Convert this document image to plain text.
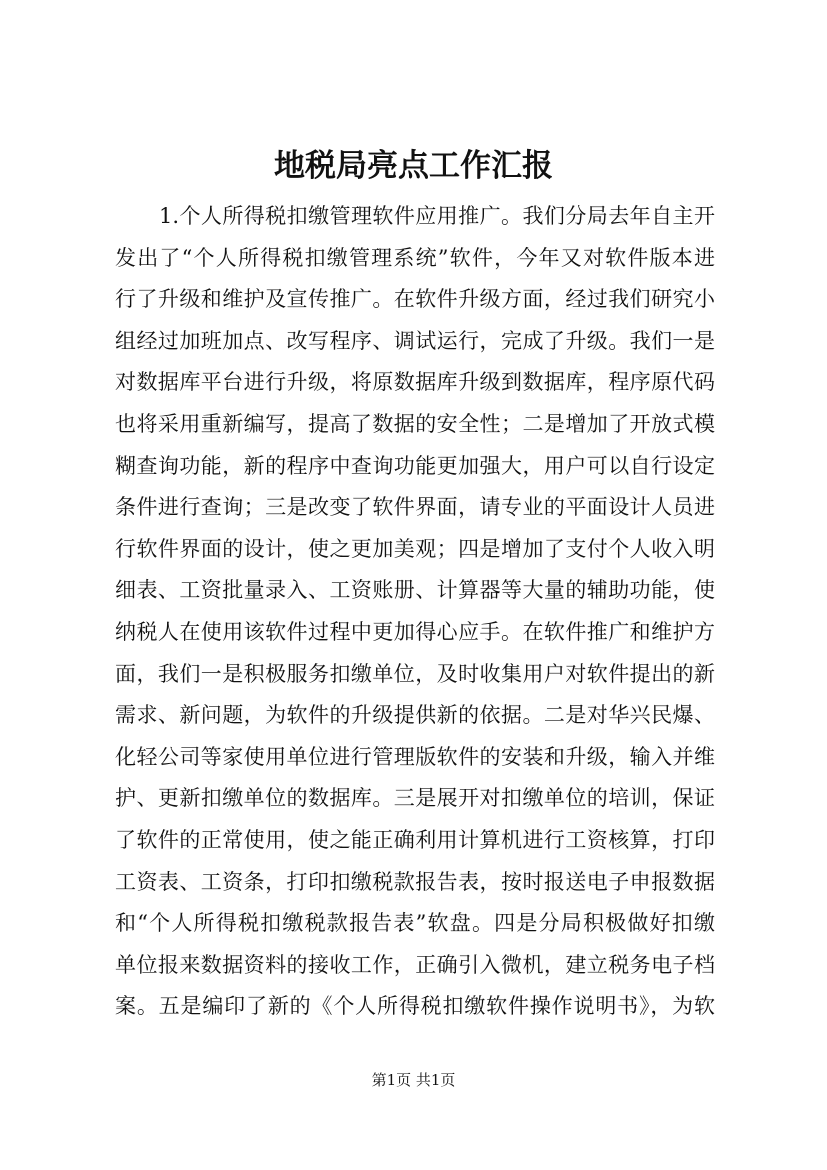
地税局亮点工作汇报
1.个人所得税扣缴管理软件应用推广。我们分局去年自主开
发出了“个人所得税扣缴管理系统”软件，今年又对软件版本进
行了升级和维护及宣传推广。在软件升级方面，经过我们研究小
组经过加班加点、改写程序、调试运行，完成了升级。我们一是
对数据库平台进行升级，将原数据库升级到数据库，程序原代码
也将采用重新编写，提高了数据的安全性；二是增加了开放式模
糊查询功能，新的程序中查询功能更加强大，用户可以自行设定
条件进行查询；三是改变了软件界面，请专业的平面设计人员进
行软件界面的设计，使之更加美观；四是增加了支付个人收入明
细表、工资批量录入、工资账册、计算器等大量的辅助功能，使
纳税人在使用该软件过程中更加得心应手。在软件推广和维护方
面，我们一是积极服务扣缴单位，及时收集用户对软件提出的新
需求、新问题，为软件的升级提供新的依据。二是对华兴民爆、
化轻公司等家使用单位进行管理版软件的安装和升级，输入并维
护、更新扣缴单位的数据库。三是展开对扣缴单位的培训，保证
了软件的正常使用，使之能正确利用计算机进行工资核算，打印
工资表、工资条，打印扣缴税款报告表，按时报送电子申报数据
和“个人所得税扣缴税款报告表”软盘。四是分局积极做好扣缴
单位报来数据资料的接收工作，正确引入微机，建立税务电子档
案。五是编印了新的《个人所得税扣缴软件操作说明书》，为软
第1页 共1页
